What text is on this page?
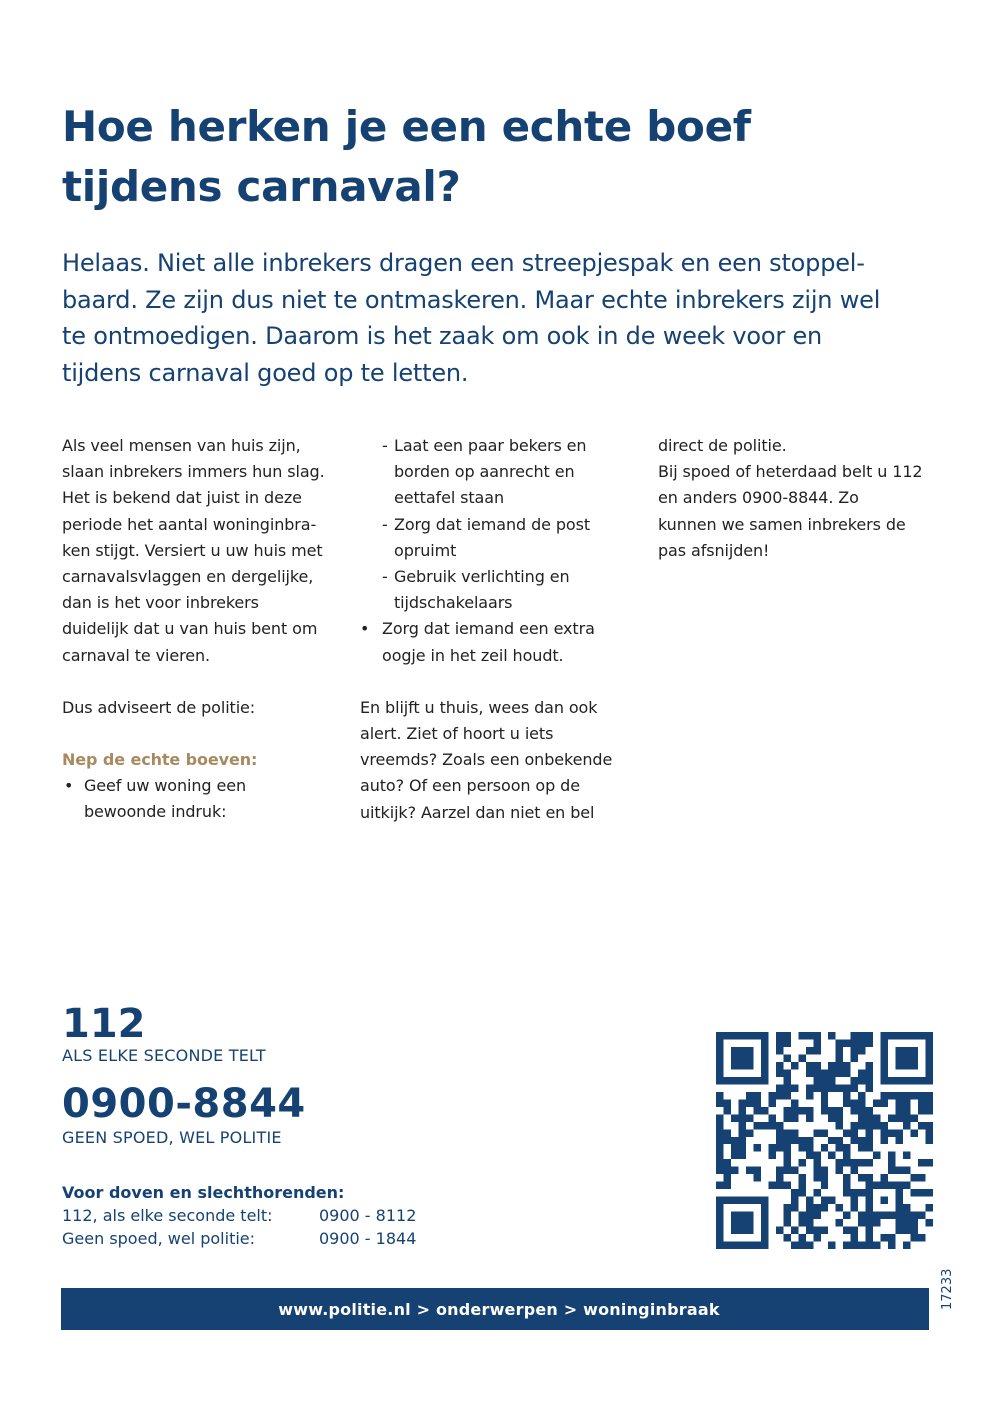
Hoe herken je een echte boef
tijdens carnaval?
Helaas. Niet alle inbrekers dragen een streepjespak en een stoppel-
baard. Ze zijn dus niet te ontmaskeren. Maar echte inbrekers zijn wel
te ontmoedigen. Daarom is het zaak om ook in de week voor en
tijdens carnaval goed op te letten.

Als veel mensen van huis zijn,

slaan inbrekers immers hun slag.

Het is bekend dat juist in deze

periode het aantal woninginbra-

ken stijgt. Versiert u uw huis met

carnavalsvlaggen en dergelijke,

dan is het voor inbrekers

duidelijk dat u van huis bent om

carnaval te vieren.

Dus adviseert de politie:

Nep de echte boeven:

• Geef uw woning een

bewoonde indruk:

- Laat een paar bekers en

borden op aanrecht en

eettafel staan

- Zorg dat iemand de post

opruimt

- Gebruik verlichting en

tijdschakelaars

• Zorg dat iemand een extra

oogje in het zeil houdt.

En blijft u thuis, wees dan ook

alert. Ziet of hoort u iets

vreemds? Zoals een onbekende

auto? Of een persoon op de

uitkijk? Aarzel dan niet en bel

direct de politie.

Bij spoed of heterdaad belt u 112

en anders 0900-8844. Zo

kunnen we samen inbrekers de

pas afsnijden!

112
ALS ELKE SECONDE TELT
0900-8844
GEEN SPOED, WEL POLITIE
Voor doven en slechthorenden:
112, als elke seconde telt:	0900 - 8112
Geen spoed, wel politie:	0900 - 1844
www.politie.nl > onderwerpen > woninginbraak	17233
